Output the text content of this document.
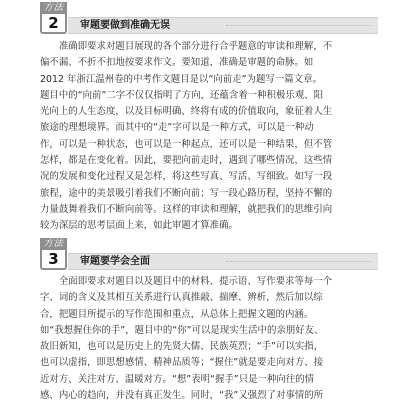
方法
2	审题要做到准确无误
　　准确即要求对题目展现的各个部分进行合乎题意的审读和理解，不
偏不漏、不折不扣地按要求作文。要知道，准确是审题的命脉。如
2012 年浙江温州卷的中考作文题目是以“向前走”为题写一篇文章。
题目中的“向前”二字不仅仅指明了方向，还蕴含着一种积极乐观、阳
光向上的人生态度，以及目标明确、终将有成的价值取向，象征着人生
旅途的理想境界。而其中的“走”字可以是一种方式，可以是一种动
作，可以是一种状态，也可以是一种起点，还可以是一种结果，但不管
怎样，都是在变化着。因此，要把向前走时，遇到了哪些情况，这些情
况的发展和变化过程又是怎样，将这些写真、写活、写细致。如写一段
旅程，途中的美景吸引着我们不断向前；写一段心路历程，坚持不懈的
力量鼓舞着我们不断向前等。这样的审读和理解，就把我们的思维引向
较为深层的思考层面上来，如此审题才算准确。
方法
3	审题要学会全面
　　全面即要求对题目以及题目中的材料、提示语、写作要求等每一个
字、词的含义及其相互关系进行认真推敲、揣摩、辨析，然后加以综
合，把题目所提示的写作范围和重点，从总体上把握文题的内涵。
如“我想握住你的手”，题目中的“你”可以是现实生活中的亲朋好友、
故旧新知，也可以是历史上的先贤大儒、民族英烈；“手”可以实指，
也可以虚指，即思想感情、精神品质等；“握住”就是要走向对方、接
近对方、关注对方、温暖对方。“想”表明“握手”只是一种向往的情
感、内心的趋向，并没有真正发生。同时，“我”又强烈了对事情的所
